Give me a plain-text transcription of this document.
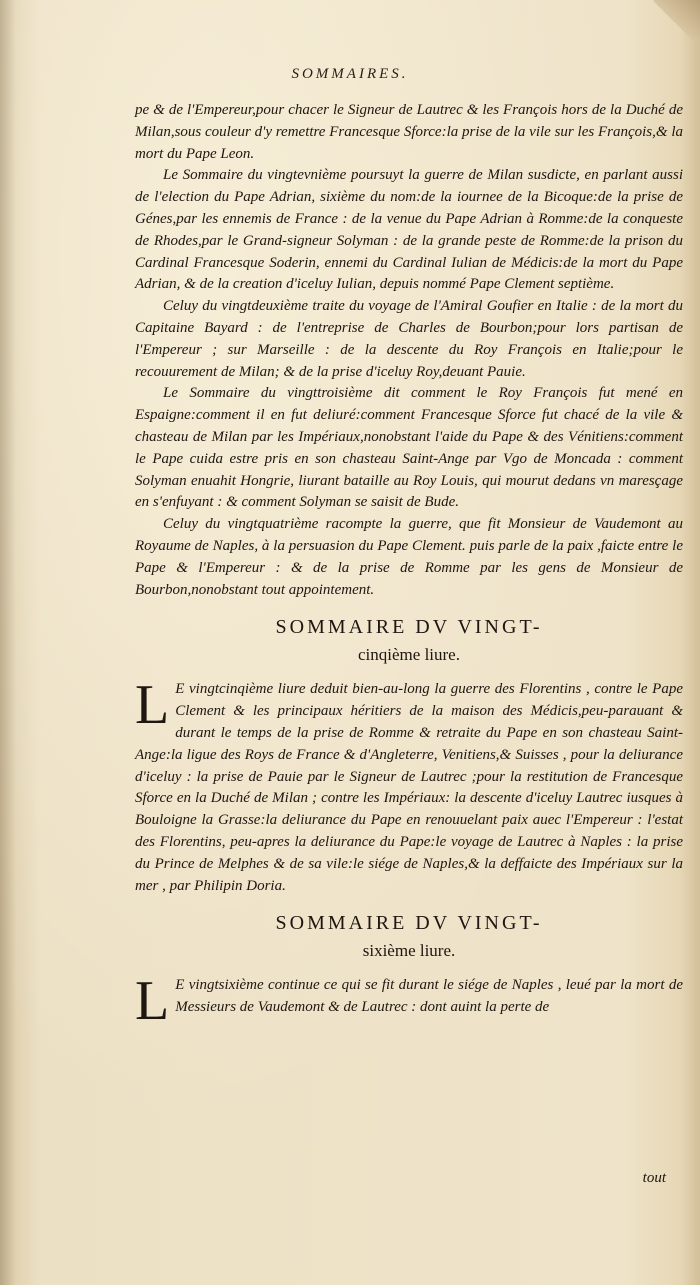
SOMMAIRES.

pe & de l'Empereur,pour chacer le Signeur de Lautrec & les François hors de la Duché de Milan,sous couleur d'y remettre Francesque Sforce:la prise de la vile sur les François,& la mort du Pape Leon.

Le Sommaire du vingtevnième poursuyt la guerre de Milan susdicte, en parlant aussi de l'election du Pape Adrian, sixième du nom:de la iournee de la Bicoque:de la prise de Génes,par les ennemis de France : de la venue du Pape Adrian à Romme:de la conqueste de Rhodes,par le Grand-signeur Solyman : de la grande peste de Romme:de la prison du Cardinal Francesque Soderin, ennemi du Cardinal Iulian de Médicis:de la mort du Pape Adrian, & de la creation d'iceluy Iulian, depuis nommé Pape Clement septième.

Celuy du vingtdeuxième traite du voyage de l'Amiral Goufier en Italie : de la mort du Capitaine Bayard : de l'entreprise de Charles de Bourbon;pour lors partisan de l'Empereur ; sur Marseille : de la descente du Roy François en Italie;pour le recouurement de Milan; & de la prise d'iceluy Roy,deuant Pauie.

Le Sommaire du vingttroisième dit comment le Roy François fut mené en Espaigne:comment il en fut deliuré:comment Francesque Sforce fut chacé de la vile & chasteau de Milan par les Impériaux,nonobstant l'aide du Pape & des Vénitiens:comment le Pape cuida estre pris en son chasteau Saint-Ange par Vgo de Moncada : comment Solyman enuahit Hongrie, liurant bataille au Roy Louis, qui mourut dedans vn maresçage en s'enfuyant : & comment Solyman se saisit de Bude.

Celuy du vingtquatrième racompte la guerre, que fit Monsieur de Vaudemont au Royaume de Naples, à la persuasion du Pape Clement. puis parle de la paix ,faicte entre le Pape & l'Empereur : & de la prise de Romme par les gens de Monsieur de Bourbon,nonobstant tout appointement.

SOMMAIRE DV VINGT-
cinqième liure.

L E vingtcinqième liure deduit bien-au-long la guerre des Florentins , contre le Pape Clement & les principaux héritiers de la maison des Médicis,peu-parauant & durant le temps de la prise de Romme & retraite du Pape en son chasteau Saint-Ange:la ligue des Roys de France & d'Angleterre, Venitiens,& Suisses , pour la deliurance d'iceluy : la prise de Pauie par le Signeur de Lautrec ;pour la restitution de Francesque Sforce en la Duché de Milan ; contre les Impériaux: la descente d'iceluy Lautrec iusques à Bouloigne la Grasse:la deliurance du Pape en renouuelant paix auec l'Empereur : l'estat des Florentins, peu-apres la deliurance du Pape:le voyage de Lautrec à Naples : la prise du Prince de Melphes & de sa vile:le siége de Naples,& la deffaicte des Impériaux sur la mer , par Philipin Doria.

SOMMAIRE DV VINGT-
sixième liure.

L E vingtsixième continue ce qui se fit durant le siége de Naples , leué par la mort de Messieurs de Vaudemont & de Lautrec : dont auint la perte de

tout
